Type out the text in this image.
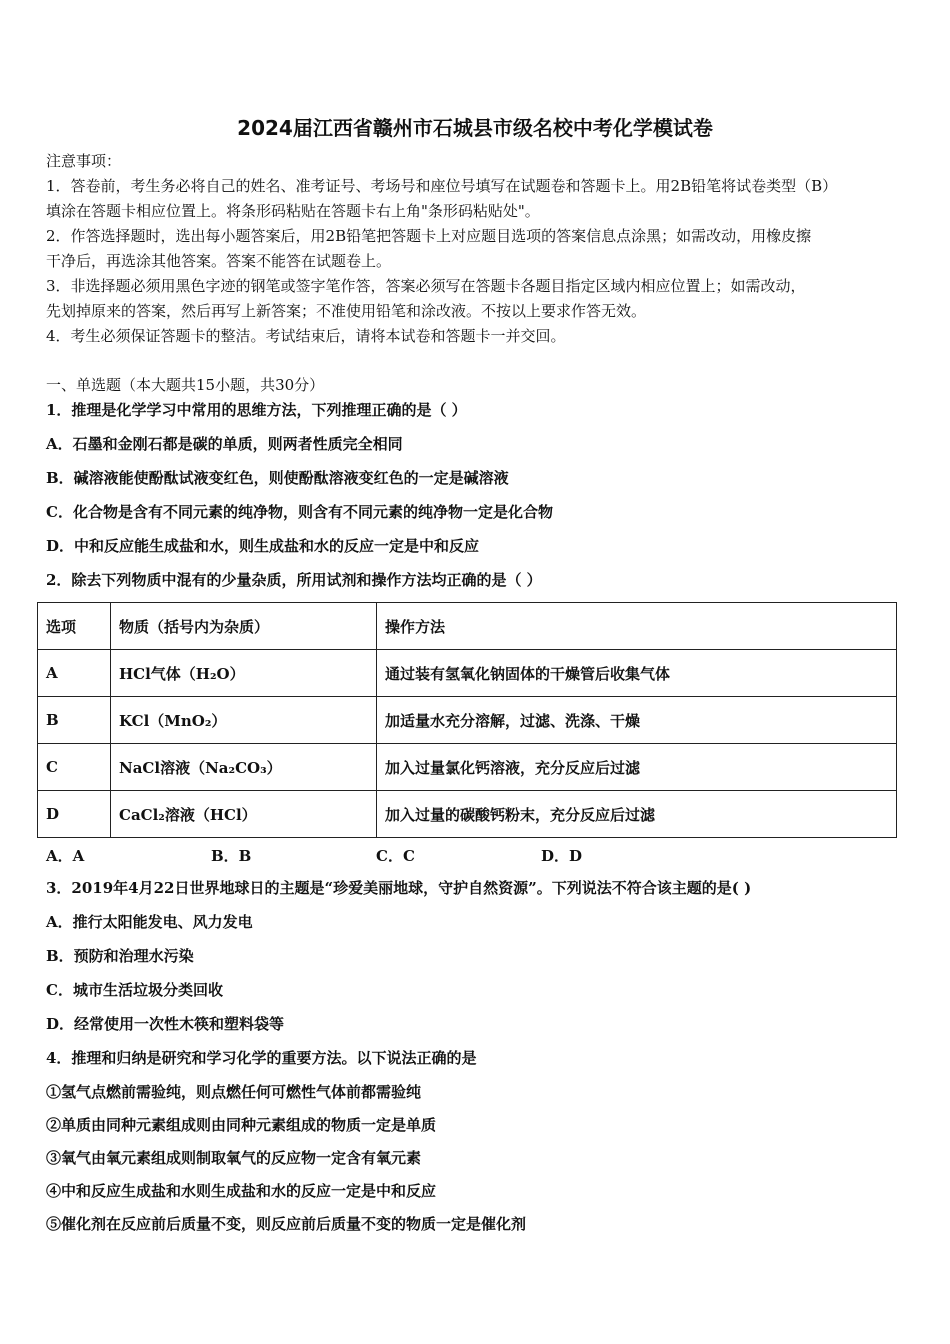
2024届江西省赣州市石城县市级名校中考化学模试卷
注意事项：
1．答卷前，考生务必将自己的姓名、准考证号、考场号和座位号填写在试题卷和答题卡上。用2B铅笔将试卷类型（B）
填涂在答题卡相应位置上。将条形码粘贴在答题卡右上角"条形码粘贴处"。
2．作答选择题时，选出每小题答案后，用2B铅笔把答题卡上对应题目选项的答案信息点涂黑；如需改动，用橡皮擦
干净后，再选涂其他答案。答案不能答在试题卷上。
3．非选择题必须用黑色字迹的钢笔或签字笔作答，答案必须写在答题卡各题目指定区域内相应位置上；如需改动，
先划掉原来的答案，然后再写上新答案；不准使用铅笔和涂改液。不按以上要求作答无效。
4．考生必须保证答题卡的整洁。考试结束后，请将本试卷和答题卡一并交回。
一、单选题（本大题共15小题，共30分）
1．推理是化学学习中常用的思维方法，下列推理正确的是（ ）
A．石墨和金刚石都是碳的单质，则两者性质完全相同
B．碱溶液能使酚酞试液变红色，则使酚酞溶液变红色的一定是碱溶液
C．化合物是含有不同元素的纯净物，则含有不同元素的纯净物一定是化合物
D．中和反应能生成盐和水，则生成盐和水的反应一定是中和反应
2．除去下列物质中混有的少量杂质，所用试剂和操作方法均正确的是（ ）
选项	物质（括号内为杂质）	操作方法
A	HCl气体（H₂O）	通过装有氢氧化钠固体的干燥管后收集气体
B	KCl（MnO₂）	加适量水充分溶解，过滤、洗涤、干燥
C	NaCl溶液（Na₂CO₃）	加入过量氯化钙溶液，充分反应后过滤
D	CaCl₂溶液（HCl）	加入过量的碳酸钙粉末，充分反应后过滤
A．A	B．B	C．C	D．D
3．2019年4月22日世界地球日的主题是“珍爱美丽地球，守护自然资源”。下列说法不符合该主题的是( )
A．推行太阳能发电、风力发电
B．预防和治理水污染
C．城市生活垃圾分类回收
D．经常使用一次性木筷和塑料袋等
4．推理和归纳是研究和学习化学的重要方法。以下说法正确的是
①氢气点燃前需验纯，则点燃任何可燃性气体前都需验纯
②单质由同种元素组成则由同种元素组成的物质一定是单质
③氧气由氧元素组成则制取氧气的反应物一定含有氧元素
④中和反应生成盐和水则生成盐和水的反应一定是中和反应
⑤催化剂在反应前后质量不变，则反应前后质量不变的物质一定是催化剂
